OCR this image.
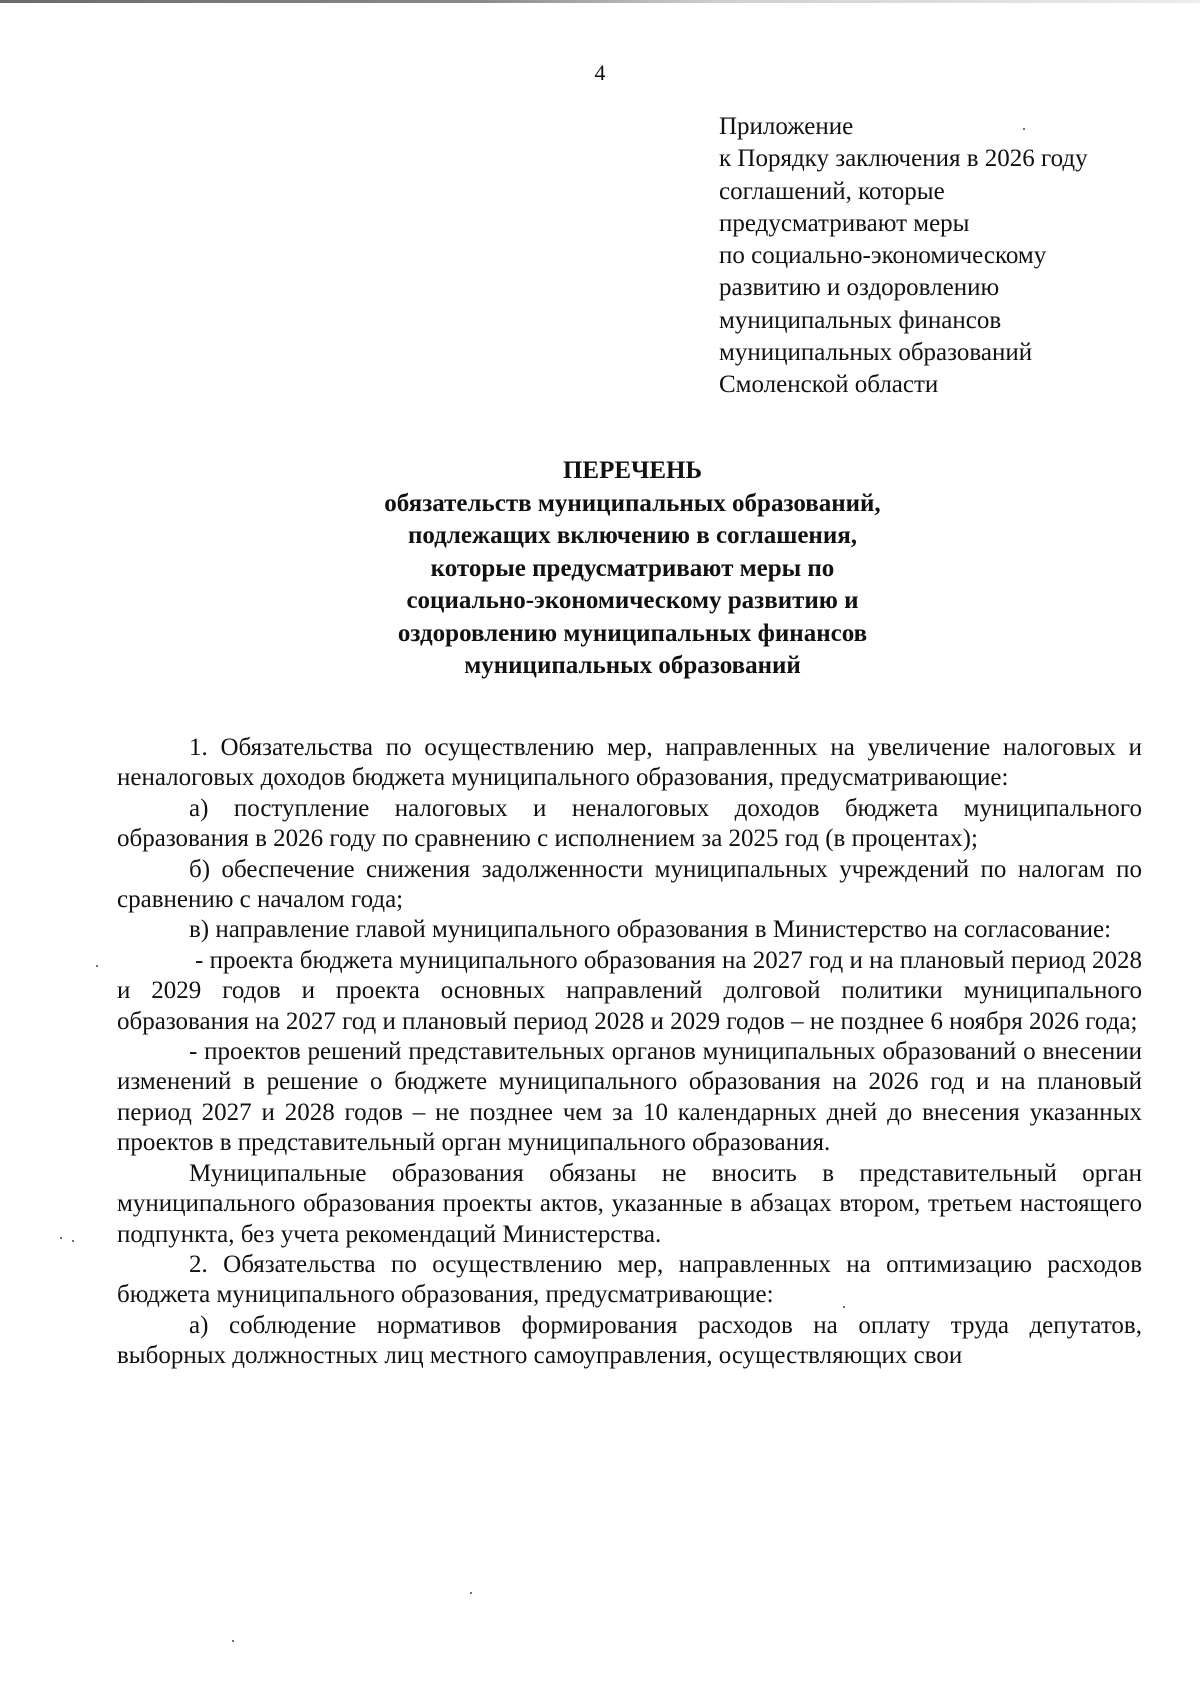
4
Приложение
к Порядку заключения в 2026 году
соглашений, которые
предусматривают меры
по социально-экономическому
развитию и оздоровлению
муниципальных финансов
муниципальных образований
Смоленской области
ПЕРЕЧЕНЬ
обязательств муниципальных образований,
подлежащих включению в соглашения,
которые предусматривают меры по
социально-экономическому развитию и
оздоровлению муниципальных финансов
муниципальных образований

1. Обязательства по осуществлению мер, направленных на увеличение налоговых и неналоговых доходов бюджета муниципального образования, предусматривающие:

а) поступление налоговых и неналоговых доходов бюджета муниципального образования в 2026 году по сравнению с исполнением за 2025 год (в процентах);

б) обеспечение снижения задолженности муниципальных учреждений по налогам по сравнению с началом года;

в) направление главой муниципального образования в Министерство на согласование:

- проекта бюджета муниципального образования на 2027 год и на плановый период 2028 и 2029 годов и проекта основных направлений долговой политики муниципального образования на 2027 год и плановый период 2028 и 2029 годов – не позднее 6 ноября 2026 года;

- проектов решений представительных органов муниципальных образований о внесении изменений в решение о бюджете муниципального образования на 2026 год и на плановый период 2027 и 2028 годов – не позднее чем за 10 календарных дней до внесения указанных проектов в представительный орган муниципального образования.

Муниципальные образования обязаны не вносить в представительный орган муниципального образования проекты актов, указанные в абзацах втором, третьем настоящего подпункта, без учета рекомендаций Министерства.

2. Обязательства по осуществлению мер, направленных на оптимизацию расходов бюджета муниципального образования, предусматривающие:

а) соблюдение нормативов формирования расходов на оплату труда депутатов, выборных должностных лиц местного самоуправления, осуществляющих свои
